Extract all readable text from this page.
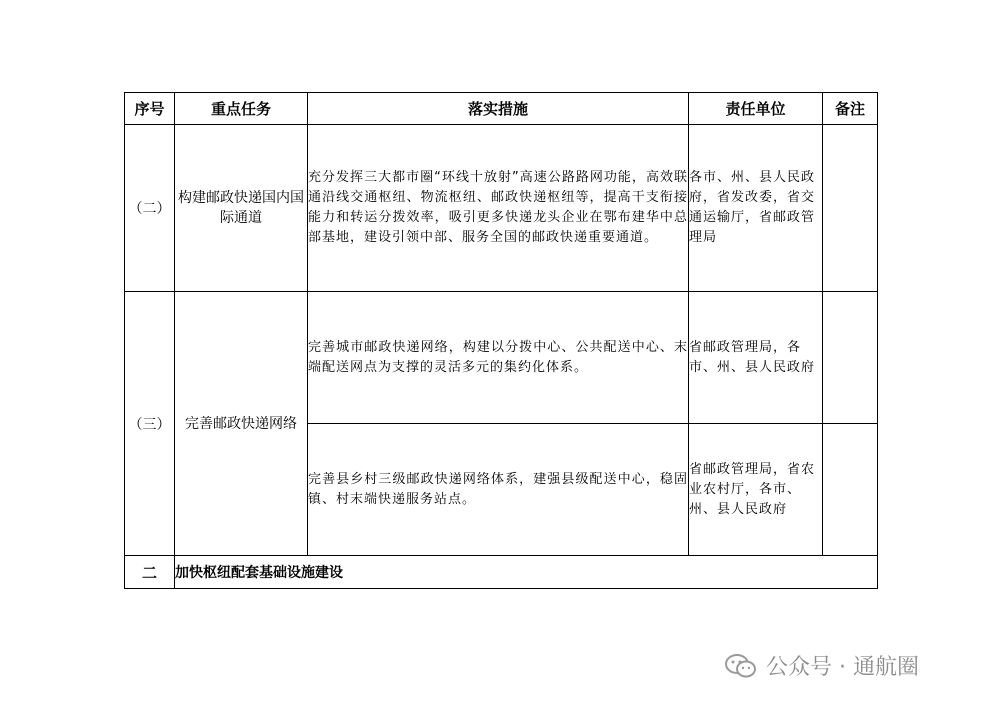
序号	重点任务	落实措施	责任单位	备注
（二）	构建邮政快递国内国际通道	充分发挥三大都市圈“环线十放射”高速公路路网功能，高效联通沿线交通枢纽、物流枢纽、邮政快递枢纽等，提高干支衔接能力和转运分拨效率，吸引更多快递龙头企业在鄂布建华中总部基地，建设引领中部、服务全国的邮政快递重要通道。	各市、州、县人民政府，省发改委，省交通运输厅，省邮政管理局	
（三）	完善邮政快递网络	完善城市邮政快递网络，构建以分拨中心、公共配送中心、末端配送网点为支撑的灵活多元的集约化体系。	省邮政管理局，各市、州、县人民政府	
		完善县乡村三级邮政快递网络体系，建强县级配送中心，稳固镇、村末端快递服务站点。	省邮政管理局，省农业农村厅，各市、州、县人民政府	
二	加快枢纽配套基础设施建设			
公众号 · 通航圈
